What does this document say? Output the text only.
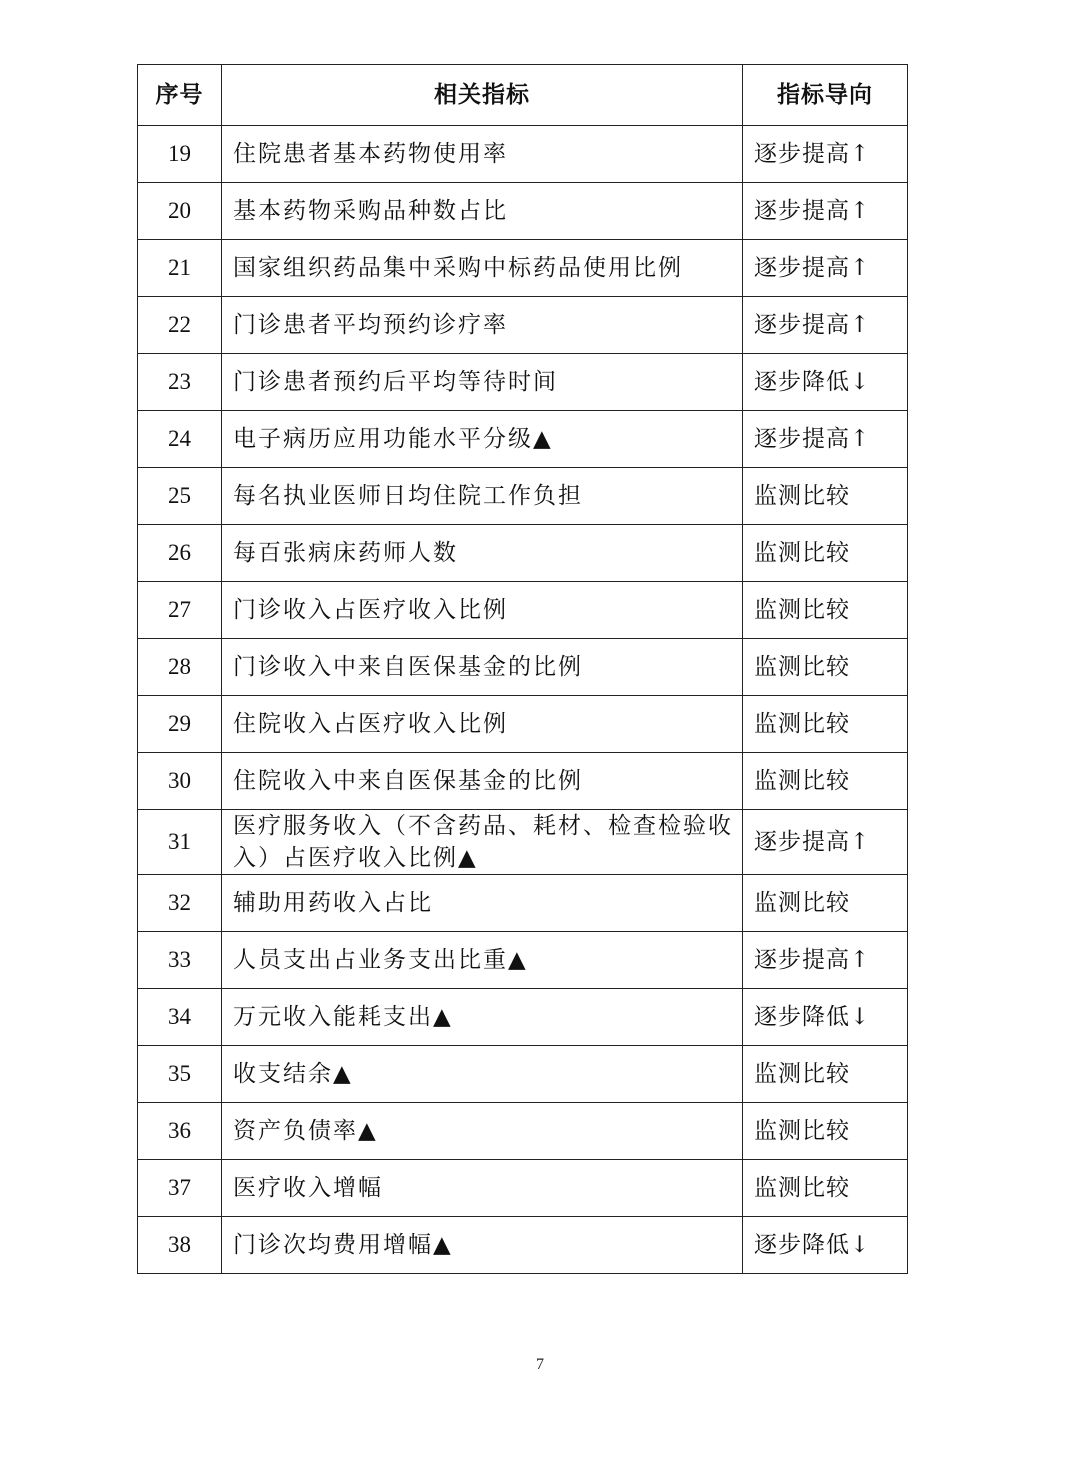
序号	相关指标	指标导向
19	住院患者基本药物使用率	逐步提高↑
20	基本药物采购品种数占比	逐步提高↑
21	国家组织药品集中采购中标药品使用比例	逐步提高↑
22	门诊患者平均预约诊疗率	逐步提高↑
23	门诊患者预约后平均等待时间	逐步降低↓
24	电子病历应用功能水平分级▲	逐步提高↑
25	每名执业医师日均住院工作负担	监测比较
26	每百张病床药师人数	监测比较
27	门诊收入占医疗收入比例	监测比较
28	门诊收入中来自医保基金的比例	监测比较
29	住院收入占医疗收入比例	监测比较
30	住院收入中来自医保基金的比例	监测比较
31	医疗服务收入（不含药品、耗材、检查检验收入）占医疗收入比例▲	逐步提高↑
32	辅助用药收入占比	监测比较
33	人员支出占业务支出比重▲	逐步提高↑
34	万元收入能耗支出▲	逐步降低↓
35	收支结余▲	监测比较
36	资产负债率▲	监测比较
37	医疗收入增幅	监测比较
38	门诊次均费用增幅▲	逐步降低↓
7
